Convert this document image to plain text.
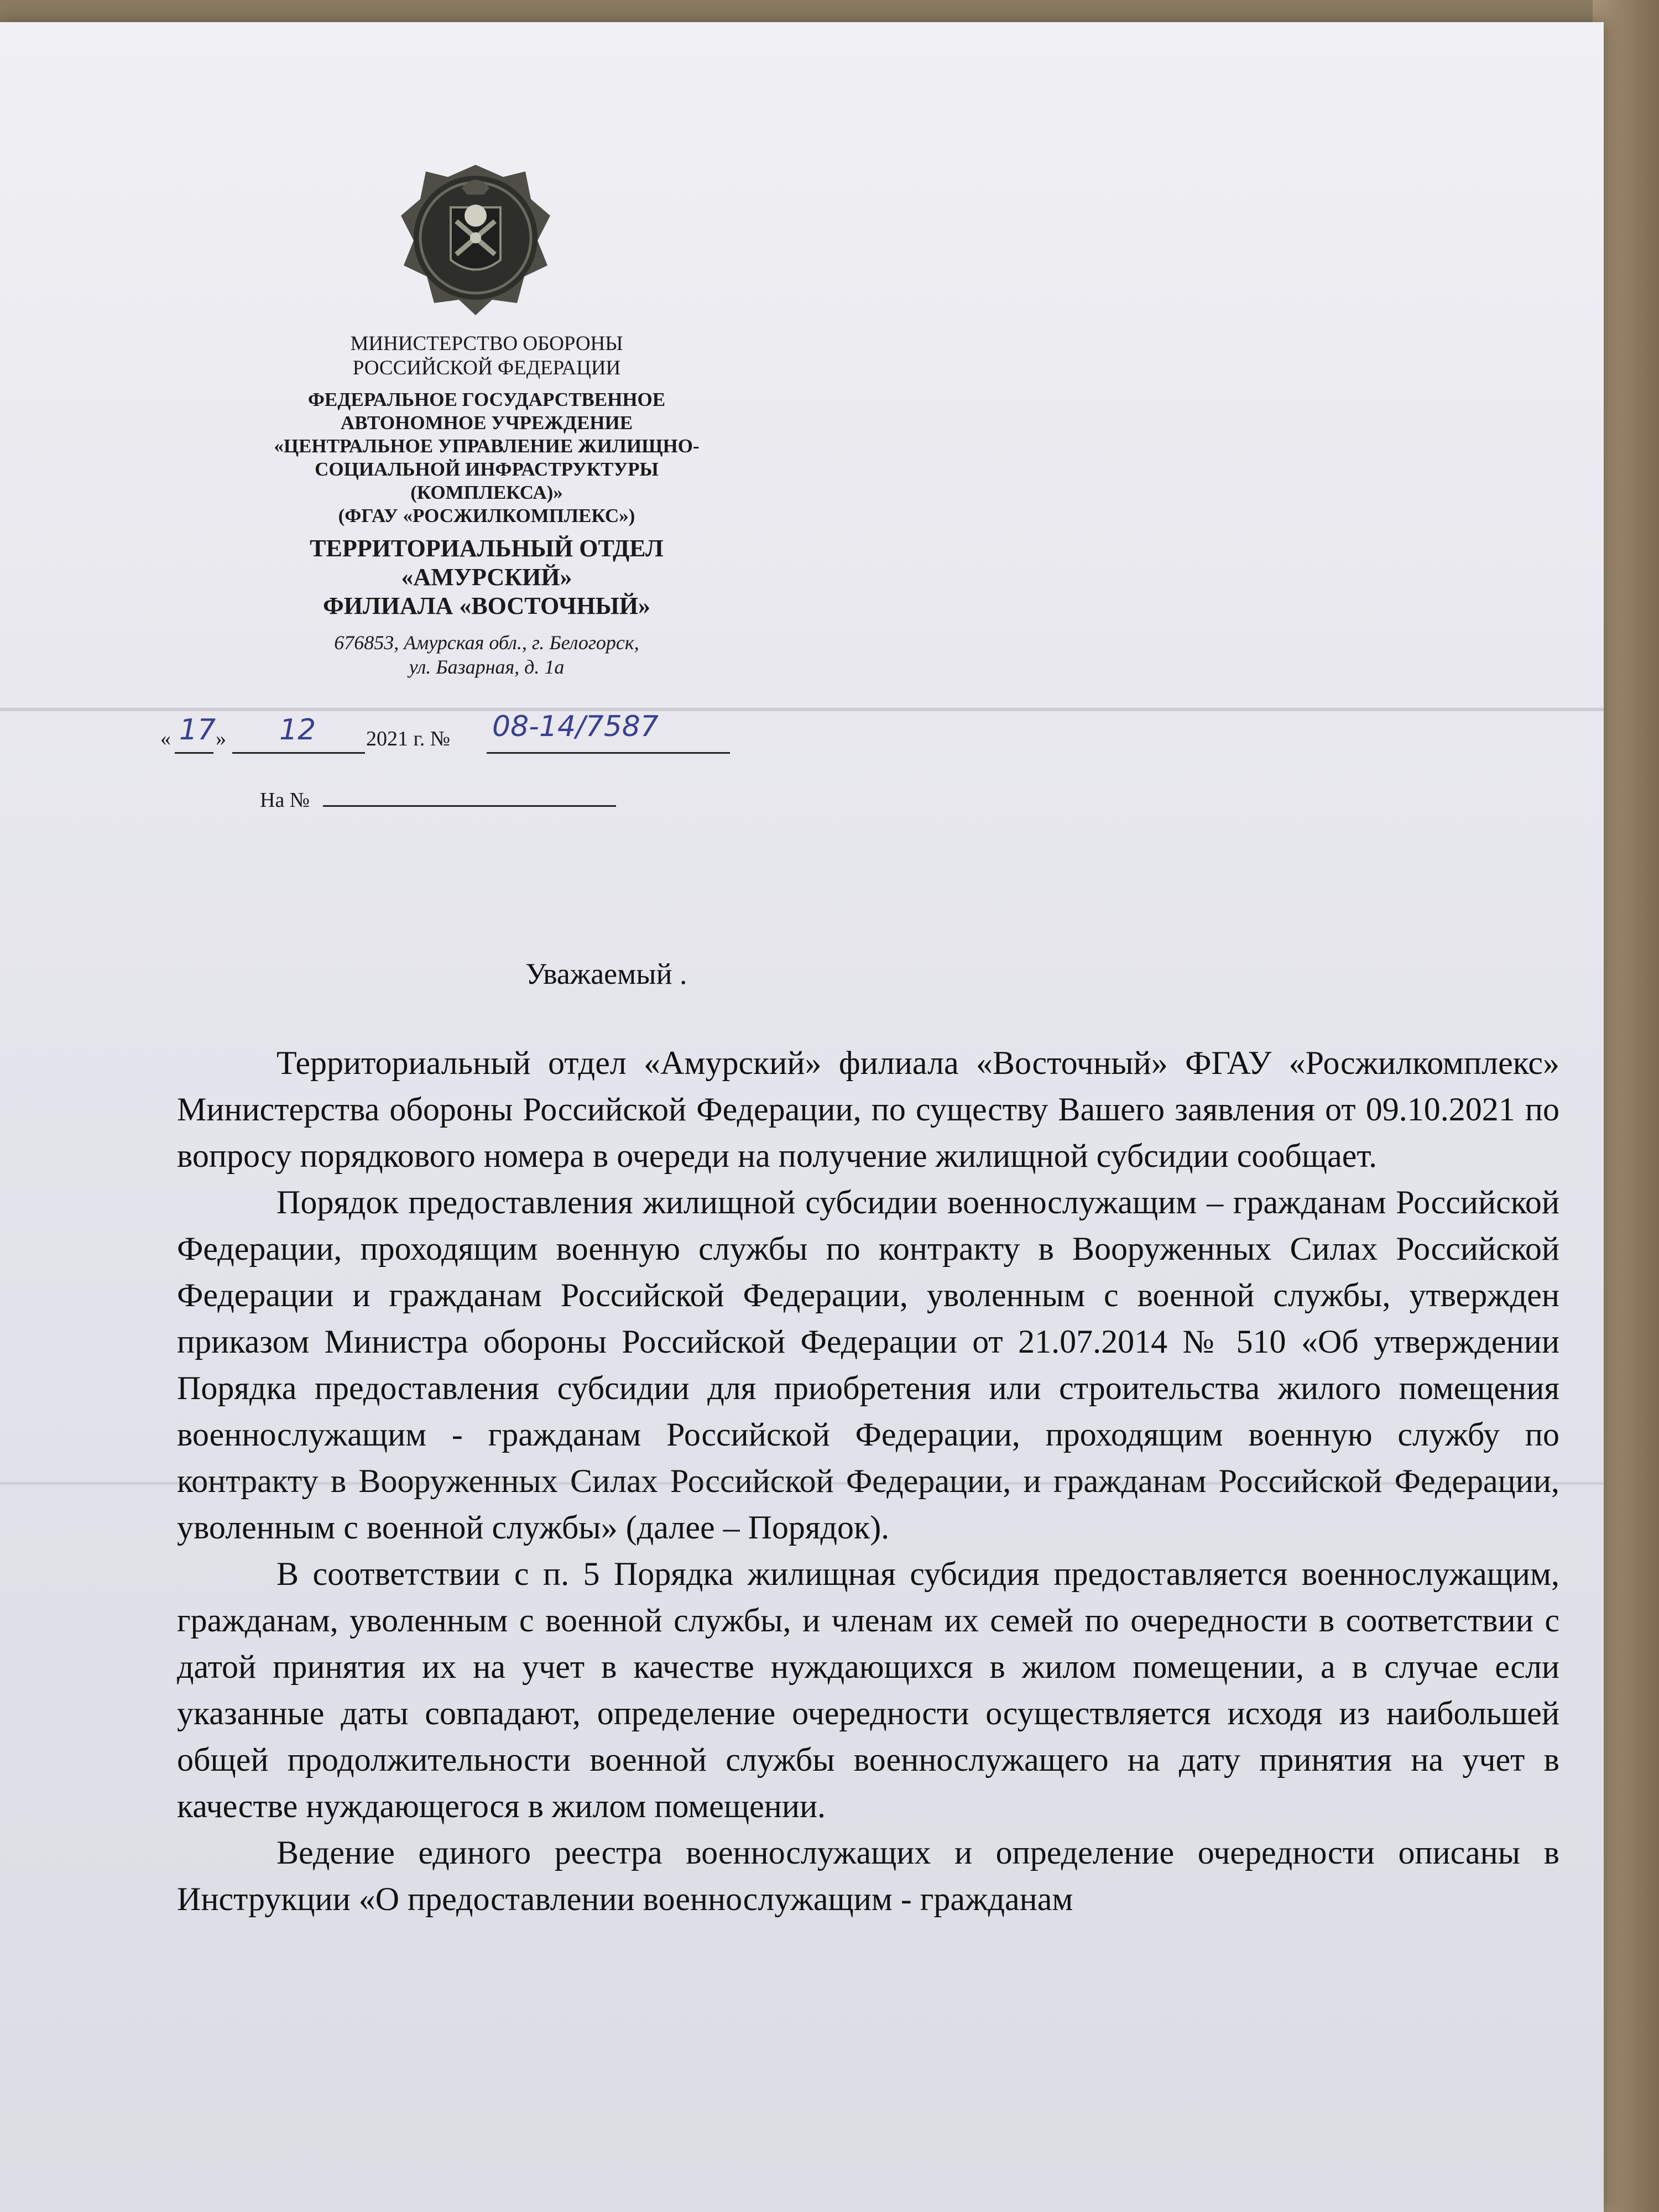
МИНИСТЕРСТВО ОБОРОНЫ
РОССИЙСКОЙ ФЕДЕРАЦИИ
ФЕДЕРАЛЬНОЕ ГОСУДАРСТВЕННОЕ
АВТОНОМНОЕ УЧРЕЖДЕНИЕ
«ЦЕНТРАЛЬНОЕ УПРАВЛЕНИЕ ЖИЛИЩНО-
СОЦИАЛЬНОЙ ИНФРАСТРУКТУРЫ
(КОМПЛЕКСА)»
(ФГАУ «РОСЖИЛКОМПЛЕКС»)
ТЕРРИТОРИАЛЬНЫЙ ОТДЕЛ
«АМУРСКИЙ»
ФИЛИАЛА «ВОСТОЧНЫЙ»
676853, Амурская обл., г. Белогорск,
ул. Базарная, д. 1а
« 17 » 12 2021 г. № 08-14/7587
На №
Уважаемый .

Территориальный отдел «Амурский» филиала «Восточный» ФГАУ «Росжилкомплекс» Министерства обороны Российской Федерации, по существу Вашего заявления от 09.10.2021 по вопросу порядкового номера в очереди на получение жилищной субсидии сообщает.

Порядок предоставления жилищной субсидии военнослужащим – гражданам Российской Федерации, проходящим военную службы по контракту в Вооруженных Силах Российской Федерации и гражданам Российской Федерации, уволенным с военной службы, утвержден приказом Министра обороны Российской Федерации от 21.07.2014 № 510 «Об утверждении Порядка предоставления субсидии для приобретения или строительства жилого помещения военнослужащим - гражданам Российской Федерации, проходящим военную службу по контракту в Вооруженных Силах Российской Федерации, и гражданам Российской Федерации, уволенным с военной службы» (далее – Порядок).

В соответствии с п. 5 Порядка жилищная субсидия предоставляется военнослужащим, гражданам, уволенным с военной службы, и членам их семей по очередности в соответствии с датой принятия их на учет в качестве нуждающихся в жилом помещении, а в случае если указанные даты совпадают, определение очередности осуществляется исходя из наибольшей общей продолжительности военной службы военнослужащего на дату принятия на учет в качестве нуждающегося в жилом помещении.

Ведение единого реестра военнослужащих и определение очередности описаны в Инструкции «О предоставлении военнослужащим - гражданам
